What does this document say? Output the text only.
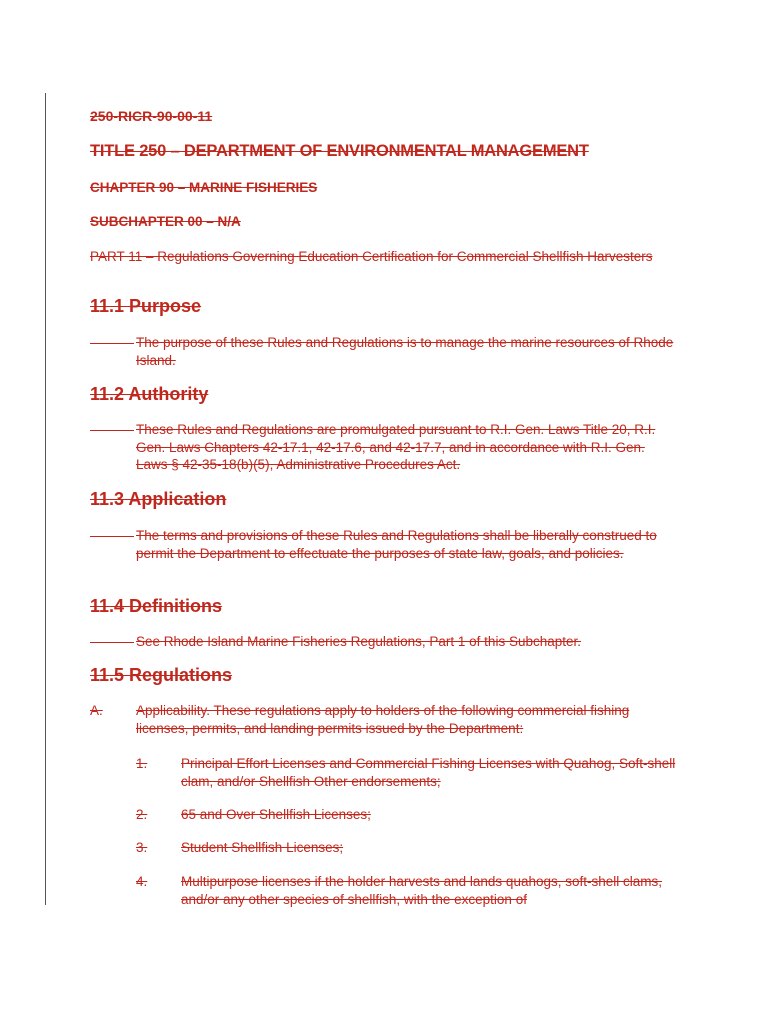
250-RICR-90-00-11
TITLE 250 – DEPARTMENT OF ENVIRONMENTAL MANAGEMENT
CHAPTER 90 – MARINE FISHERIES
SUBCHAPTER 00 – N/A
PART 11 – Regulations Governing Education Certification for Commercial Shellfish Harvesters
11.1 Purpose
The purpose of these Rules and Regulations is to manage the marine resources of Rhode Island.
11.2 Authority
These Rules and Regulations are promulgated pursuant to R.I. Gen. Laws Title 20, R.I. Gen. Laws Chapters 42-17.1, 42-17.6, and 42-17.7, and in accordance with R.I. Gen. Laws § 42-35-18(b)(5), Administrative Procedures Act.
11.3 Application
The terms and provisions of these Rules and Regulations shall be liberally construed to permit the Department to effectuate the purposes of state law, goals, and policies.
11.4 Definitions
See Rhode Island Marine Fisheries Regulations, Part 1 of this Subchapter.
11.5 Regulations
A.	Applicability. These regulations apply to holders of the following commercial fishing licenses, permits, and landing permits issued by the Department:
1.	Principal Effort Licenses and Commercial Fishing Licenses with Quahog, Soft-shell clam, and/or Shellfish Other endorsements;
2.	65 and Over Shellfish Licenses;
3.	Student Shellfish Licenses;
4.	Multipurpose licenses if the holder harvests and lands quahogs, soft-shell clams, and/or any other species of shellfish, with the exception of
